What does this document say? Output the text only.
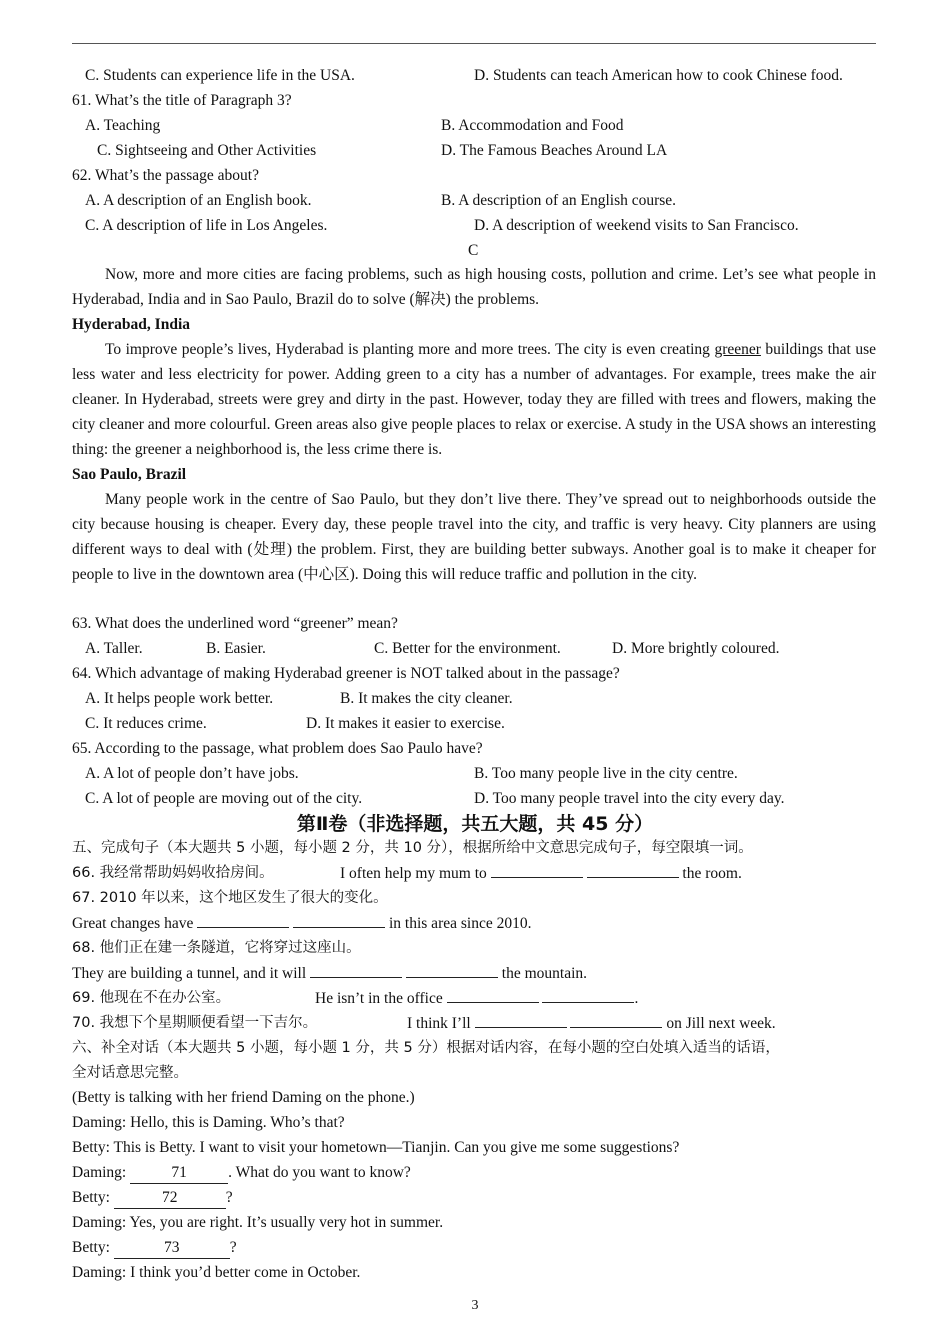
C. Students can experience life in the USA.	D. Students can teach American how to cook Chinese food.
61. What’s the title of Paragraph 3?
A. Teaching	B. Accommodation and Food
C. Sightseeing and Other Activities	D. The Famous Beaches Around LA
62. What’s the passage about?
A. A description of an English book.	B. A description of an English course.
C. A description of life in Los Angeles.	D. A description of weekend visits to San Francisco.
C
Now, more and more cities are facing problems, such as high housing costs, pollution and crime. Let’s see what people in Hyderabad, India and in Sao Paulo, Brazil do to solve (解决) the problems.
Hyderabad, India
To improve people’s lives, Hyderabad is planting more and more trees. The city is even creating greener buildings that use less water and less electricity for power. Adding green to a city has a number of advantages. For example, trees make the air cleaner. In Hyderabad, streets were grey and dirty in the past. However, today they are filled with trees and flowers, making the city cleaner and more colourful. Green areas also give people places to relax or exercise. A study in the USA shows an interesting thing: the greener a neighborhood is, the less crime there is.
Sao Paulo, Brazil
Many people work in the centre of Sao Paulo, but they don’t live there. They’ve spread out to neighborhoods outside the city because housing is cheaper. Every day, these people travel into the city, and traffic is very heavy. City planners are using different ways to deal with (处理) the problem. First, they are building better subways. Another goal is to make it cheaper for people to live in the downtown area (中心区). Doing this will reduce traffic and pollution in the city.
63. What does the underlined word “greener” mean?
A. Taller.	B. Easier.	C. Better for the environment.	D. More brightly coloured.
64. Which advantage of making Hyderabad greener is NOT talked about in the passage?
A. It helps people work better.	B. It makes the city cleaner.
C. It reduces crime.	D. It makes it easier to exercise.
65. According to the passage, what problem does Sao Paulo have?
A. A lot of people don’t have jobs.	B. Too many people live in the city centre.
C. A lot of people are moving out of the city.	D. Too many people travel into the city every day.
第Ⅱ卷（非选择题，共五大题，共 45 分）
五、完成句子（本大题共 5 小题，每小题 2 分，共 10 分），根据所给中文意思完成句子，每空限填一词。
66. 我经常帮助妈妈收拾房间。	I often help my mum to	the room.
67. 2010 年以来，这个地区发生了很大的变化。
Great changes have	in this area since 2010.
68. 他们正在建一条隧道，它将穿过这座山。
They are building a tunnel, and it will	the mountain.
69. 他现在不在办公室。	He isn’t in the office	.
70. 我想下个星期顺便看望一下吉尔。	I think I’ll	on Jill next week.
六、补全对话（本大题共 5 小题，每小题 1 分，共 5 分）根据对话内容，在每小题的空白处填入适当的话语，
全对话意思完整。
(Betty is talking with her friend Daming on the phone.)
Daming: Hello, this is Daming. Who’s that?
Betty: This is Betty. I want to visit your hometown—Tianjin. Can you give me some suggestions?
Daming:	71	. What do you want to know?
Betty:	72	?
Daming: Yes, you are right. It’s usually very hot in summer.
Betty:	73	?
Daming: I think you’d better come in October.
3
